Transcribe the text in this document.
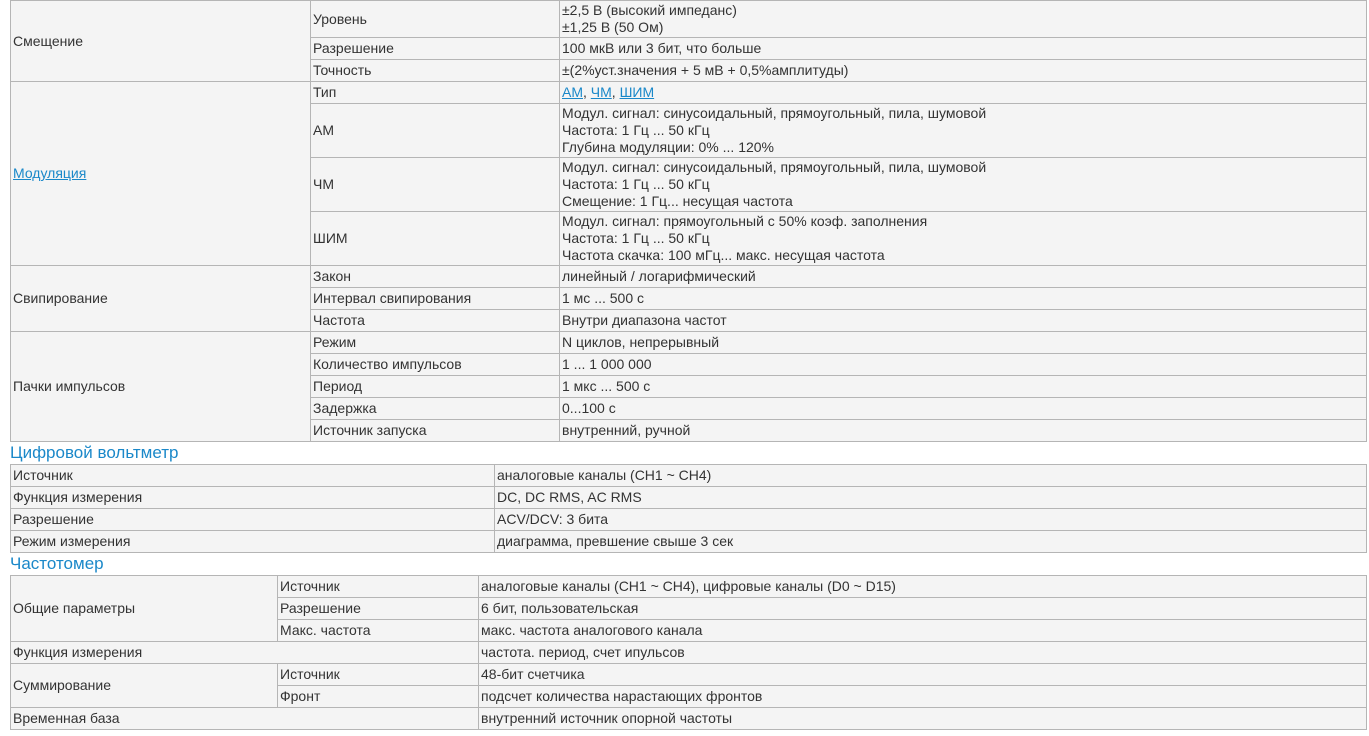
Смещение	Уровень	±2,5 В (высокий импеданс)
±1,25 В (50 Ом)

	Разрешение	100 мкВ или 3 бит, что больше
	Точность	±(2%уст.значения + 5 мВ + 0,5%амплитуды)
Модуляция	Тип	АМ, ЧМ, ШИМ
	АМ	Модул. сигнал: синусоидальный, прямоугольный, пила, шумовой
Частота: 1 Гц ... 50 кГц
Глубина модуляции: 0% ... 120%

	ЧМ	Модул. сигнал: синусоидальный, прямоугольный, пила, шумовой
Частота: 1 Гц ... 50 кГц
Смещение: 1 Гц... несущая частота

	ШИМ	Модул. сигнал: прямоугольный с 50% коэф. заполнения
Частота: 1 Гц ... 50 кГц
Частота скачка: 100 мГц... макс. несущая частота

Свипирование	Закон	линейный / логарифмический
	Интервал свипирования	1 мс ... 500 с
	Частота	Внутри диапазона частот
Пачки импульсов	Режим	N циклов, непрерывный
	Количество импульсов	1 ... 1 000 000
	Период	1 мкс ... 500 с
	Задержка	0...100 с
	Источник запуска	внутренний, ручной
Цифровой вольтметр
Источник	аналоговые каналы (CH1 ~ CH4)
Функция измерения	DC, DC RMS, AC RMS
Разрешение	ACV/DCV: 3 бита
Режим измерения	диаграмма, превшение свыше 3 сек
Частотомер
Общие параметры	Источник	аналоговые каналы (CH1 ~ CH4), цифровые каналы (D0 ~ D15)
	Разрешение	6 бит, пользовательская
	Макс. частота	макс. частота аналогового канала
Функция измерения		частота. период, счет ипульсов
Суммирование	Источник	48-бит счетчика
	Фронт	подсчет количества нарастающих фронтов
Временная база		внутренний источник опорной частоты
